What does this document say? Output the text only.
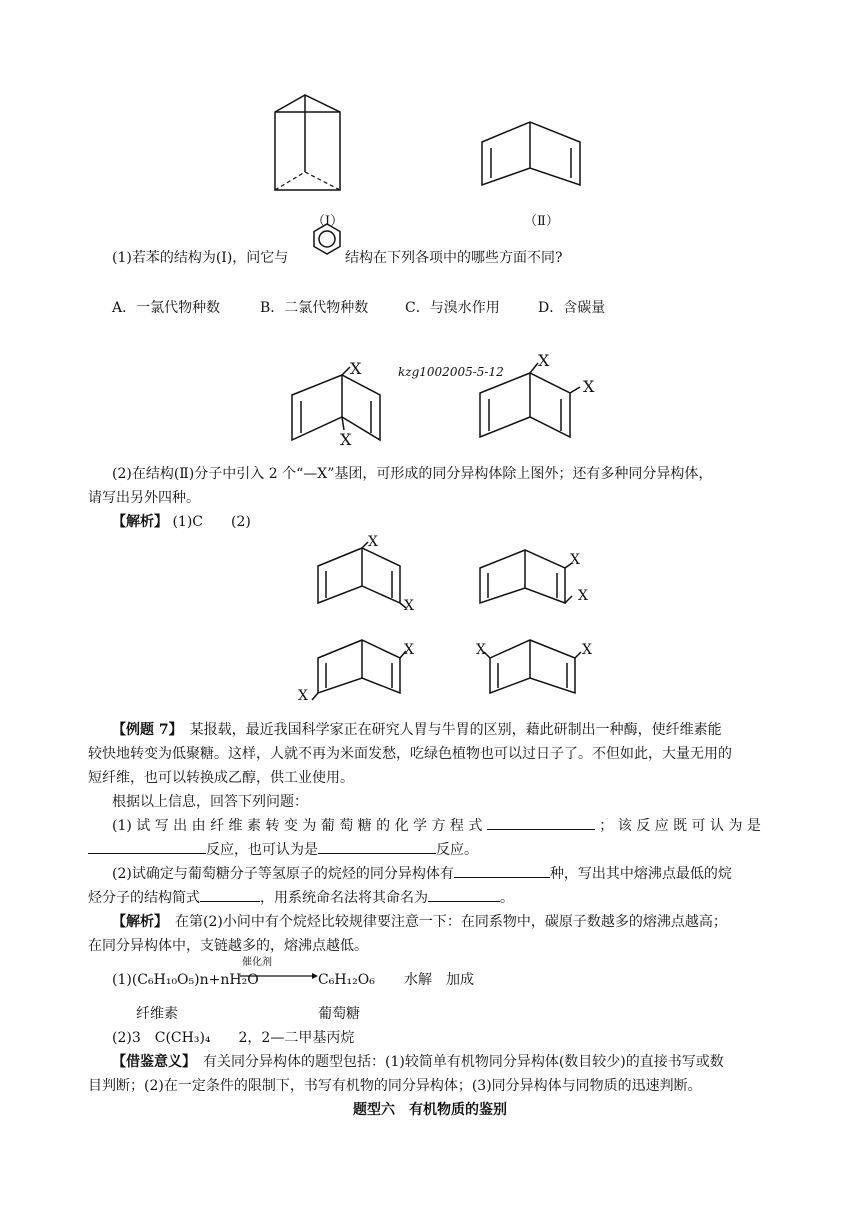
（Ⅰ）	（Ⅱ）
(1)若苯的结构为(Ⅰ)，问它与	结构在下列各项中的哪些方面不同?
A．一氯代物种数	B．二氯代物种数	C．与溴水作用	D．含碳量
X
X
X
X
kzg1002005-5-12
(2)在结构(Ⅱ)分子中引入 2 个“—X”基团，可形成的同分异构体除上图外；还有多种同分异构体，
请写出另外四种。
【解析】 (1)C　　(2)
X
X
X
X
X
X
X	X
【例题 7】　某报载，最近我国科学家正在研究人胃与牛胃的区别，藉此研制出一种酶，使纤维素能
较快地转变为低聚糖。这样，人就不再为米面发愁，吃绿色植物也可以过日子了。不但如此，大量无用的
短纤维，也可以转换成乙醇，供工业使用。
根据以上信息，回答下列问题：
(1) 试 写 出 由 纤 维 素 转 变 为 葡 萄 糖 的 化 学 方 程 式	； 该 反 应 既 可 认 为 是
反应，也可认为是	反应。
(2)试确定与葡萄糖分子等氢原子的烷烃的同分异构体有	种，写出其中熔沸点最低的烷
烃分子的结构简式	，用系统命名法将其命名为	。
【解析】　在第(2)小问中有个烷烃比较规律要注意一下：在同系物中，碳原子数越多的熔沸点越高；
在同分异构体中，支链越多的，熔沸点越低。
催化剂
(1)(C₆H₁₀O₅)n+nH₂O	C₆H₁₂O₆ 水解　加成
纤维素	葡萄糖
(2)3　C(CH₃)₄　　2，2—二甲基丙烷
【借鉴意义】　有关同分异构体的题型包括：(1)较简单有机物同分异构体(数目较少)的直接书写或数
目判断；(2)在一定条件的限制下，书写有机物的同分异构体；(3)同分异构体与同物质的迅速判断。
题型六　有机物质的鉴别
